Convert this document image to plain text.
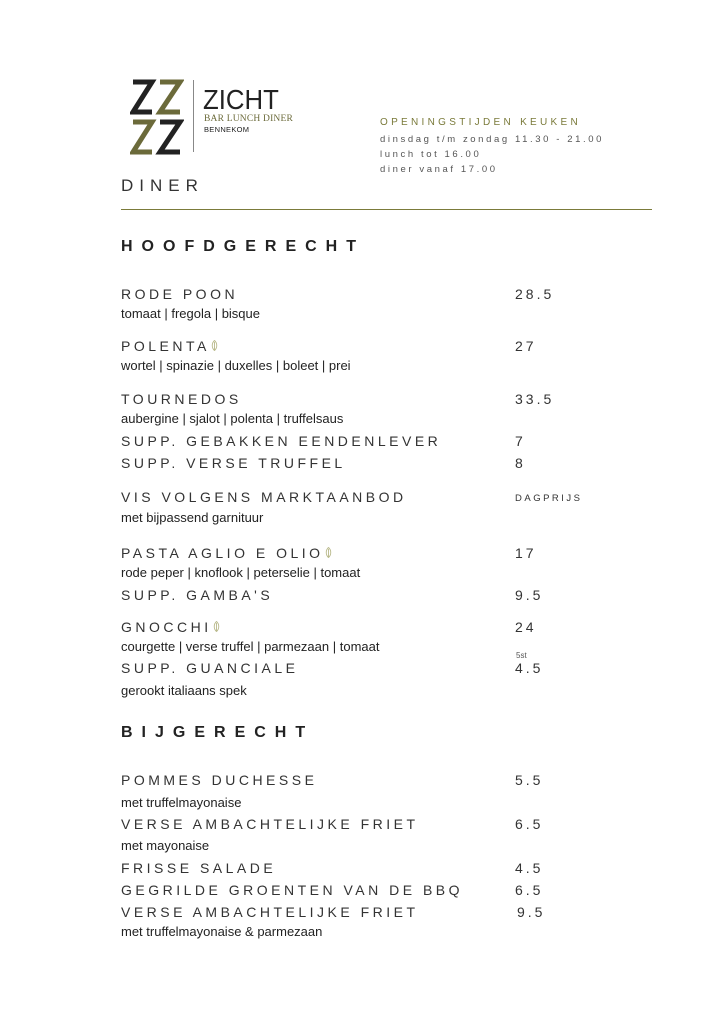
ZICHT
BAR LUNCH DINER
BENNEKOM
OPENINGSTIJDEN KEUKEN
dinsdag t/m zondag 11.30 - 21.00
lunch tot 16.00
diner vanaf 17.00
DINER
HOOFDGERECHT
RODE POON	28.5
tomaat | fregola | bisque
POLENTA	27
wortel | spinazie | duxelles | boleet | prei
TOURNEDOS	33.5
aubergine | sjalot | polenta | truffelsaus
SUPP. GEBAKKEN EENDENLEVER	7
SUPP. VERSE TRUFFEL	8
VIS VOLGENS MARKTAANBOD	DAGPRIJS
met bijpassend garnituur
PASTA AGLIO E OLIO	17
rode peper | knoflook | peterselie | tomaat
SUPP. GAMBA'S	9.5
GNOCCHI	24
courgette | verse truffel | parmezaan | tomaat
5st
SUPP. GUANCIALE	4.5
gerookt italiaans spek
BIJGERECHT
POMMES DUCHESSE	5.5
met truffelmayonaise
VERSE AMBACHTELIJKE FRIET	6.5
met mayonaise
FRISSE SALADE	4.5
GEGRILDE GROENTEN VAN DE BBQ	6.5
VERSE AMBACHTELIJKE FRIET	9.5
met truffelmayonaise & parmezaan
